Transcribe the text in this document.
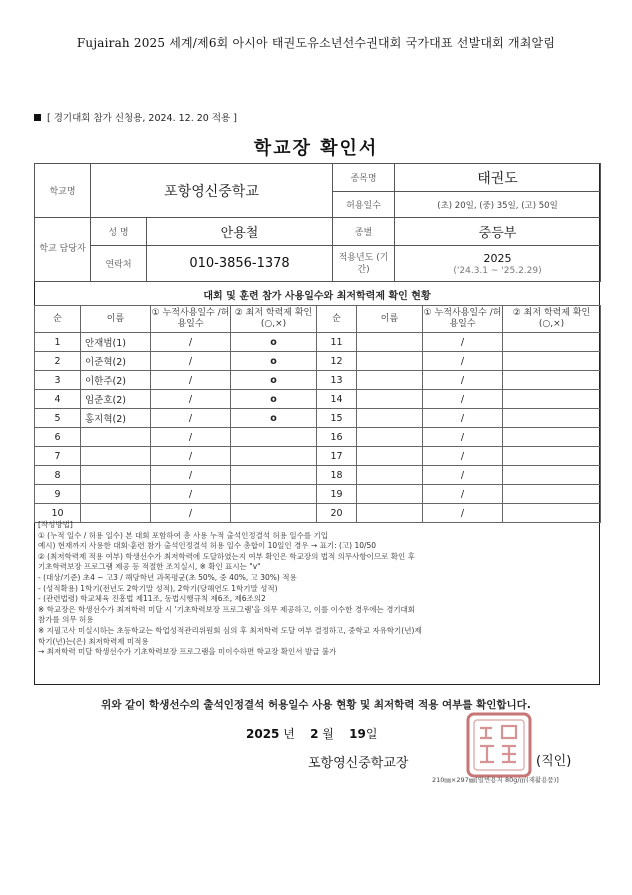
Fujairah 2025 세계/제6회 아시아 태권도유소년선수권대회 국가대표 선발대회 개최알림
[ 경기대회 참가 신청용, 2024. 12. 20 적용 ]
학교장 확인서
학교명	포항영신중학교		종목명	태권도
			허용일수	(초) 20일, (중) 35일, (고) 50일
학교 담당자	성 명	안용철	종별	중등부
	연락처	010-3856-1378	적용년도 (기간)	2025
('24.3.1 ~ '25.2.29)
대회 및 훈련 참가 사용일수와 최저학력제 확인 현황
순	이름	① 누적사용일수 /허용일수	② 최저 학력제 확인(○,×)	순	이름	① 누적사용일수 /허용일수	② 최저 학력제 확인(○,×)
1	안재범(1)	/	o	11		/	
2	이준혁(2)	/	o	12		/	
3	이한주(2)	/	o	13		/	
4	임준호(2)	/	o	14		/	
5	홍지혁(2)	/	o	15		/	
6		/		16		/	
7		/		17		/	
8		/		18		/	
9		/		19		/	
10		/		20		/	
[작성방법]
① (누적 일수 / 허용 일수) 본 대회 포함하여 총 사용 누적 출석인정결석 허용 일수를 기입
예시) 현재까지 사용한 대회·훈련 참가 출석인정결석 허용 일수 총합이 10일인 경우 → 표기: (고) 10/50
② (최저학력제 적용 여부) 학생선수가 최저학력에 도달하였는지 여부 확인은 학교장의 법적 의무사항이므로 확인 후
기초학력보장 프로그램 제공 등 적절한 조치실시, ※ 확인 표시는 "v"
- (대상/기준) 초4 ~ 고3 / 해당학년 과목평균(초 50%, 중 40%, 고 30%) 적용
- (성적확용) 1학기(전년도 2학기말 성적), 2학기(당해연도 1학기말 성적)
- (관련법령) 학교체육 진흥법 제11조, 동법시행규칙 제6조, 제6조의2
※ 학교장은 학생선수가 최저학력 미달 시 '기초학력보장 프로그램'을 의무 제공하고, 이를 이수한 경우에는 경기대회
참가를 의무 허용
※ 지필고사 미실시하는 초등학교는 학업성적관리위원회 심의 후 최저학력 도달 여부 결정하고, 중학교 자유학기(년)제
학기(년)는(은) 최저학력제 미적용
→ 최저학력 미달 학생선수가 기초학력보장 프로그램을 미이수하면 학교장 확인서 발급 불가
위와 같이 학생선수의 출석인정결석 허용일수 사용 현황 및 최저학력 적용 여부를 확인합니다.
2025 년 2 월 19일
포항영신중학교장	(직인)
210㎜×297㎜[일반용지 80g/㎡(재활용품)]
